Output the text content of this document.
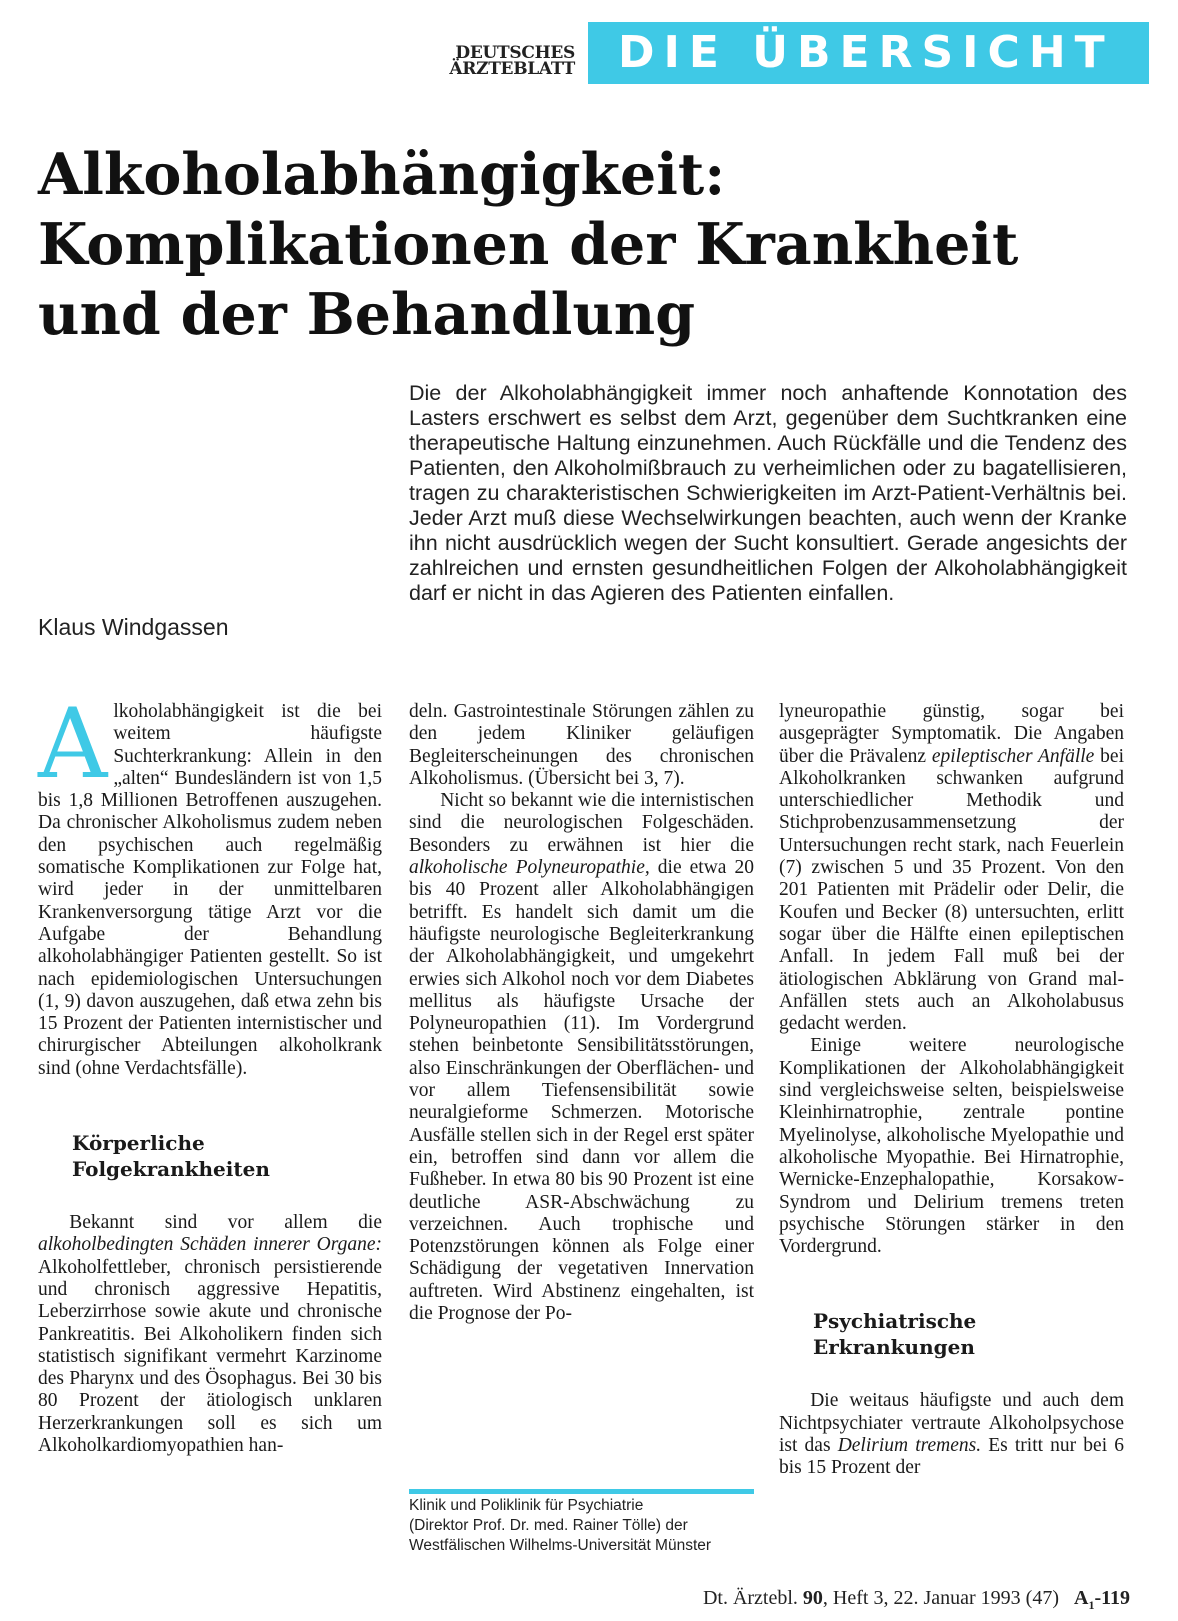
DEUTSCHES
ÄRZTEBLATT DIE ÜBERSICHT
Alkoholabhängigkeit:
Komplikationen der Krankheit
und der Behandlung
Die der Alkoholabhängigkeit immer noch anhaftende Konnotation des Lasters erschwert es selbst dem Arzt, gegenüber dem Suchtkranken eine therapeutische Haltung einzunehmen. Auch Rückfälle und die Tendenz des Patienten, den Alkoholmißbrauch zu verheimlichen oder zu bagatellisieren, tragen zu charakteristischen Schwierigkeiten im Arzt-Patient-Verhältnis bei. Jeder Arzt muß diese Wechselwirkungen beachten, auch wenn der Kranke ihn nicht ausdrücklich wegen der Sucht konsultiert. Gerade angesichts der zahlreichen und ernsten gesundheitlichen Folgen der Alkoholabhängigkeit darf er nicht in das Agieren des Patienten einfallen.
Klaus Windgassen

Alkoholabhängigkeit ist die bei weitem häufigste Suchterkrankung: Allein in den „alten“ Bundesländern ist von 1,5 bis 1,8 Millionen Betroffenen auszugehen. Da chronischer Alkoholismus zudem neben den psychischen auch regelmäßig somatische Komplikationen zur Folge hat, wird jeder in der unmittelbaren Krankenversorgung tätige Arzt vor die Aufgabe der Behandlung alkoholabhängiger Patienten gestellt. So ist nach epidemiologischen Untersuchungen (1, 9) davon auszugehen, daß etwa zehn bis 15 Prozent der Patienten internistischer und chirurgischer Abteilungen alkoholkrank sind (ohne Verdachtsfälle).

Körperliche
Folgekrankheiten

Bekannt sind vor allem die alkoholbedingten Schäden innerer Organe: Alkoholfettleber, chronisch persistierende und chronisch aggressive Hepatitis, Leberzirrhose sowie akute und chronische Pankreatitis. Bei Alkoholikern finden sich statistisch signifikant vermehrt Karzinome des Pharynx und des Ösophagus. Bei 30 bis 80 Prozent der ätiologisch unklaren Herzerkrankungen soll es sich um Alkoholkardiomyopathien han-

deln. Gastrointestinale Störungen zählen zu den jedem Kliniker geläufigen Begleiterscheinungen des chronischen Alkoholismus. (Übersicht bei 3, 7).

Nicht so bekannt wie die internistischen sind die neurologischen Folgeschäden. Besonders zu erwähnen ist hier die alkoholische Polyneuropathie, die etwa 20 bis 40 Prozent aller Alkoholabhängigen betrifft. Es handelt sich damit um die häufigste neurologische Begleiterkrankung der Alkoholabhängigkeit, und umgekehrt erwies sich Alkohol noch vor dem Diabetes mellitus als häufigste Ursache der Polyneuropathien (11). Im Vordergrund stehen beinbetonte Sensibilitätsstörungen, also Einschränkungen der Oberflächen- und vor allem Tiefensensibilität sowie neuralgieforme Schmerzen. Motorische Ausfälle stellen sich in der Regel erst später ein, betroffen sind dann vor allem die Fußheber. In etwa 80 bis 90 Prozent ist eine deutliche ASR-Abschwächung zu verzeichnen. Auch trophische und Potenzstörungen können als Folge einer Schädigung der vegetativen Innervation auftreten. Wird Abstinenz eingehalten, ist die Prognose der Po-

Klinik und Poliklinik für Psychiatrie
(Direktor Prof. Dr. med. Rainer Tölle) der
Westfälischen Wilhelms-Universität Münster

lyneuropathie günstig, sogar bei ausgeprägter Symptomatik. Die Angaben über die Prävalenz epileptischer Anfälle bei Alkoholkranken schwanken aufgrund unterschiedlicher Methodik und Stichprobenzusammensetzung der Untersuchungen recht stark, nach Feuerlein (7) zwischen 5 und 35 Prozent. Von den 201 Patienten mit Prädelir oder Delir, die Koufen und Becker (8) untersuchten, erlitt sogar über die Hälfte einen epileptischen Anfall. In jedem Fall muß bei der ätiologischen Abklärung von Grand mal-Anfällen stets auch an Alkoholabusus gedacht werden.

Einige weitere neurologische Komplikationen der Alkoholabhängigkeit sind vergleichsweise selten, beispielsweise Kleinhirnatrophie, zentrale pontine Myelinolyse, alkoholische Myelopathie und alkoholische Myopathie. Bei Hirnatrophie, Wernicke-Enzephalopathie, Korsakow-Syndrom und Delirium tremens treten psychische Störungen stärker in den Vordergrund.

Psychiatrische
Erkrankungen

Die weitaus häufigste und auch dem Nichtpsychiater vertraute Alkoholpsychose ist das Delirium tremens. Es tritt nur bei 6 bis 15 Prozent der

Dt. Ärztebl. 90, Heft 3, 22. Januar 1993 (47) $A_1-119$
